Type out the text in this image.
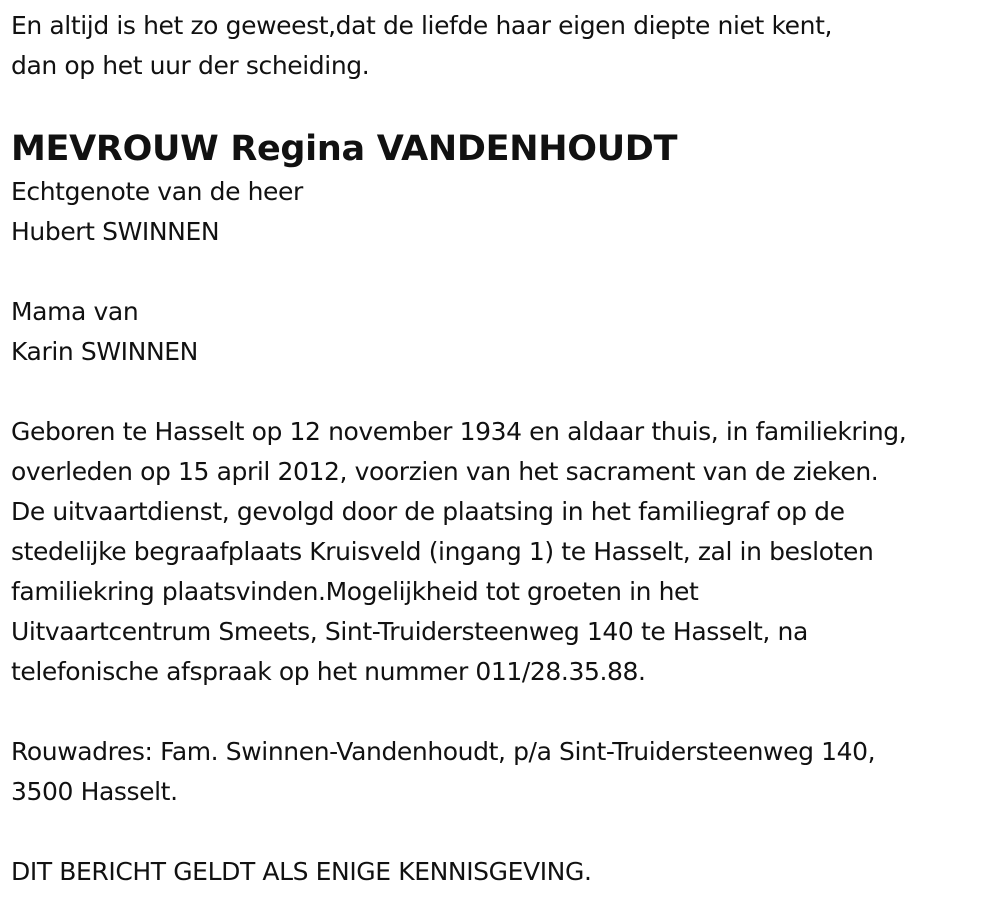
En altijd is het zo geweest,dat de liefde haar eigen diepte niet kent,
dan op het uur der scheiding.
MEVROUW Regina VANDENHOUDT
Echtgenote van de heer
Hubert SWINNEN
Mama van
Karin SWINNEN
Geboren te Hasselt op 12 november 1934 en aldaar thuis, in familiekring,
overleden op 15 april 2012, voorzien van het sacrament van de zieken.
De uitvaartdienst, gevolgd door de plaatsing in het familiegraf op de
stedelijke begraafplaats Kruisveld (ingang 1) te Hasselt, zal in besloten
familiekring plaatsvinden.Mogelijkheid tot groeten in het
Uitvaartcentrum Smeets, Sint-Truidersteenweg 140 te Hasselt, na
telefonische afspraak op het nummer 011/28.35.88.
Rouwadres: Fam. Swinnen-Vandenhoudt, p/a Sint-Truidersteenweg 140,
3500 Hasselt.
DIT BERICHT GELDT ALS ENIGE KENNISGEVING.
